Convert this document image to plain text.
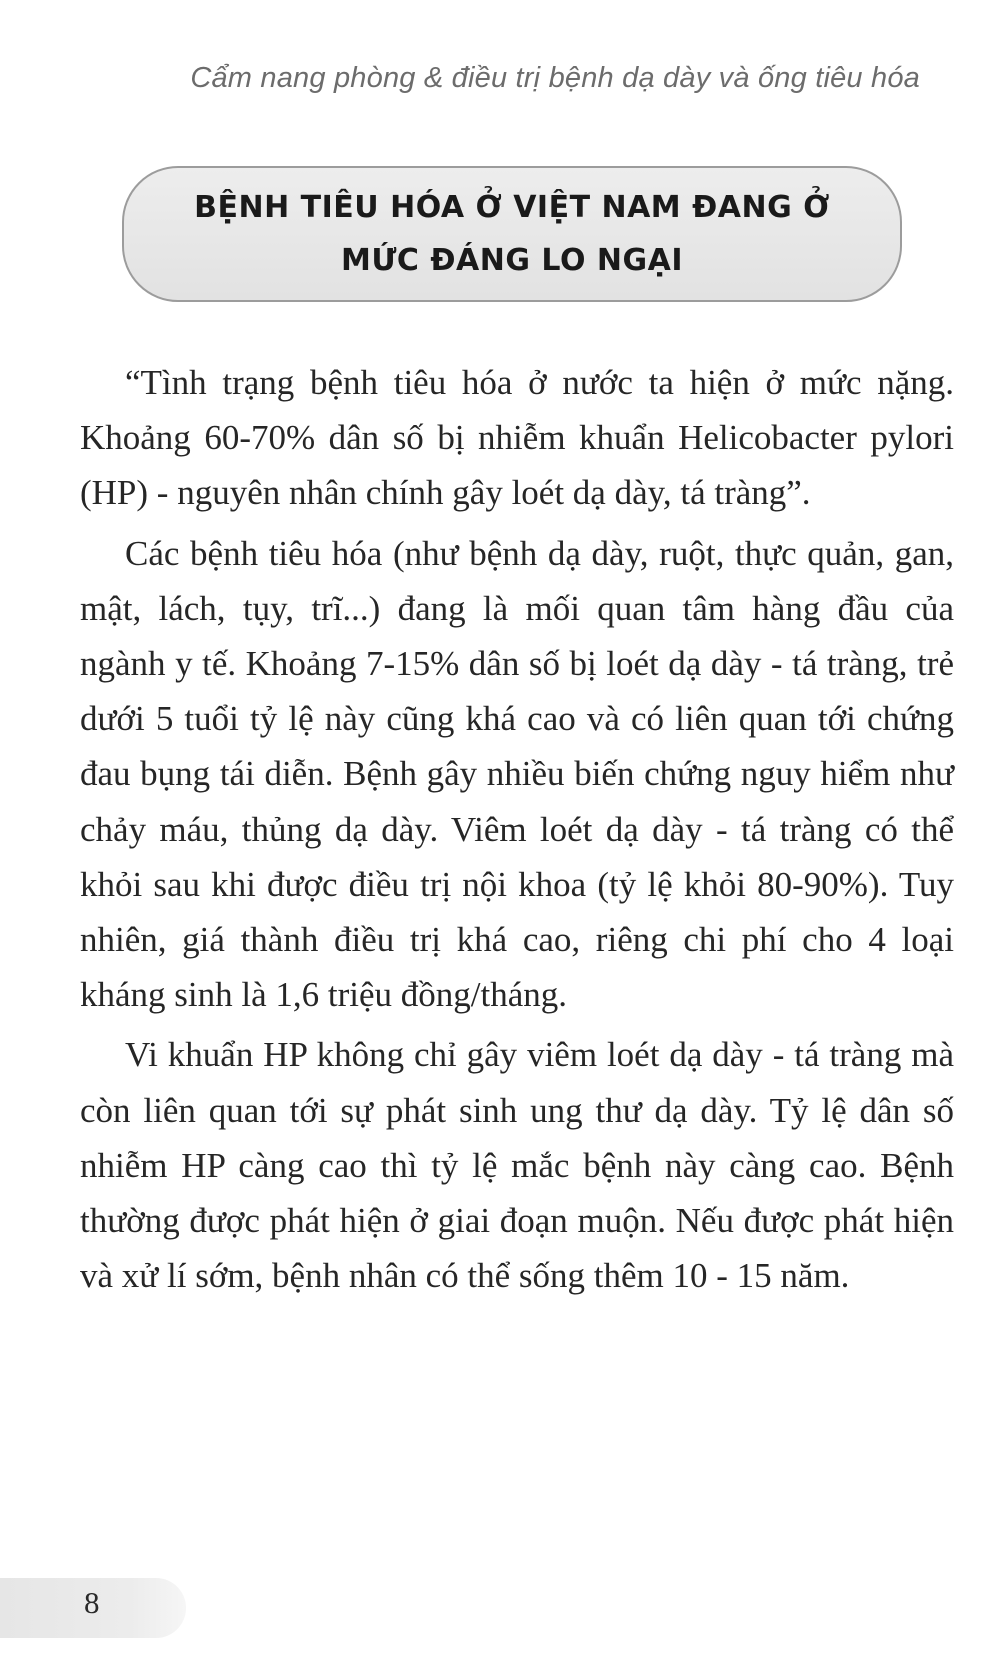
Cẩm nang phòng & điều trị bệnh dạ dày và ống tiêu hóa
BỆNH TIÊU HÓA Ở VIỆT NAM ĐANG Ở
MỨC ĐÁNG LO NGẠI

“Tình trạng bệnh tiêu hóa ở nước ta hiện ở mức nặng. Khoảng 60-70% dân số bị nhiễm khuẩn Helicobacter pylori (HP) - nguyên nhân chính gây loét dạ dày, tá tràng”.

Các bệnh tiêu hóa (như bệnh dạ dày, ruột, thực quản, gan, mật, lách, tụy, trĩ...) đang là mối quan tâm hàng đầu của ngành y tế. Khoảng 7-15% dân số bị loét dạ dày - tá tràng, trẻ dưới 5 tuổi tỷ lệ này cũng khá cao và có liên quan tới chứng đau bụng tái diễn. Bệnh gây nhiều biến chứng nguy hiểm như chảy máu, thủng dạ dày. Viêm loét dạ dày - tá tràng có thể khỏi sau khi được điều trị nội khoa (tỷ lệ khỏi 80-90%). Tuy nhiên, giá thành điều trị khá cao, riêng chi phí cho 4 loại kháng sinh là 1,6 triệu đồng/tháng.

Vi khuẩn HP không chỉ gây viêm loét dạ dày - tá tràng mà còn liên quan tới sự phát sinh ung thư dạ dày. Tỷ lệ dân số nhiễm HP càng cao thì tỷ lệ mắc bệnh này càng cao. Bệnh thường được phát hiện ở giai đoạn muộn. Nếu được phát hiện và xử lí sớm, bệnh nhân có thể sống thêm 10 - 15 năm.

8
